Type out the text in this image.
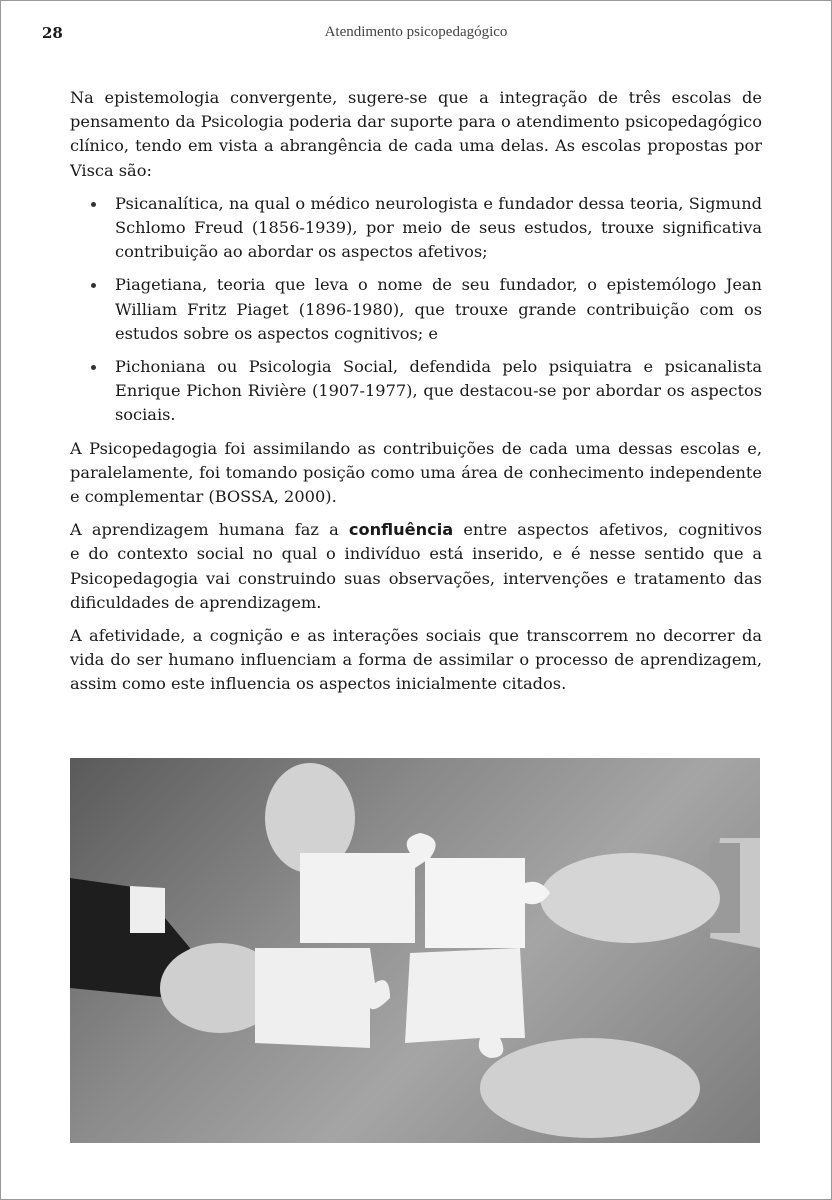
28	Atendimento psicopedagógico
Na epistemologia convergente, sugere-se que a integração de três escolas de
pensamento da Psicologia poderia dar suporte para o atendimento psicopedagógico
clínico, tendo em vista a abrangência de cada uma delas. As escolas propostas por
Visca são:
Psicanalítica, na qual o médico neurologista e fundador dessa teoria, Sigmund
Schlomo Freud (1856-1939), por meio de seus estudos, trouxe significativa
contribuição ao abordar os aspectos afetivos;
Piagetiana, teoria que leva o nome de seu fundador, o epistemólogo Jean
William Fritz Piaget (1896-1980), que trouxe grande contribuição com os
estudos sobre os aspectos cognitivos; e
Pichoniana ou Psicologia Social, defendida pelo psiquiatra e psicanalista
Enrique Pichon Rivière (1907-1977), que destacou-se por abordar os aspectos
sociais.
A Psicopedagogia foi assimilando as contribuições de cada uma dessas escolas e,
paralelamente, foi tomando posição como uma área de conhecimento independente
e complementar (BOSSA, 2000).
A aprendizagem humana faz a confluência entre aspectos afetivos, cognitivos
e do contexto social no qual o indivíduo está inserido, e é nesse sentido que a
Psicopedagogia vai construindo suas observações, intervenções e tratamento das
dificuldades de aprendizagem.
A afetividade, a cognição e as interações sociais que transcorrem no decorrer da
vida do ser humano influenciam a forma de assimilar o processo de aprendizagem,
assim como este influencia os aspectos inicialmente citados.
